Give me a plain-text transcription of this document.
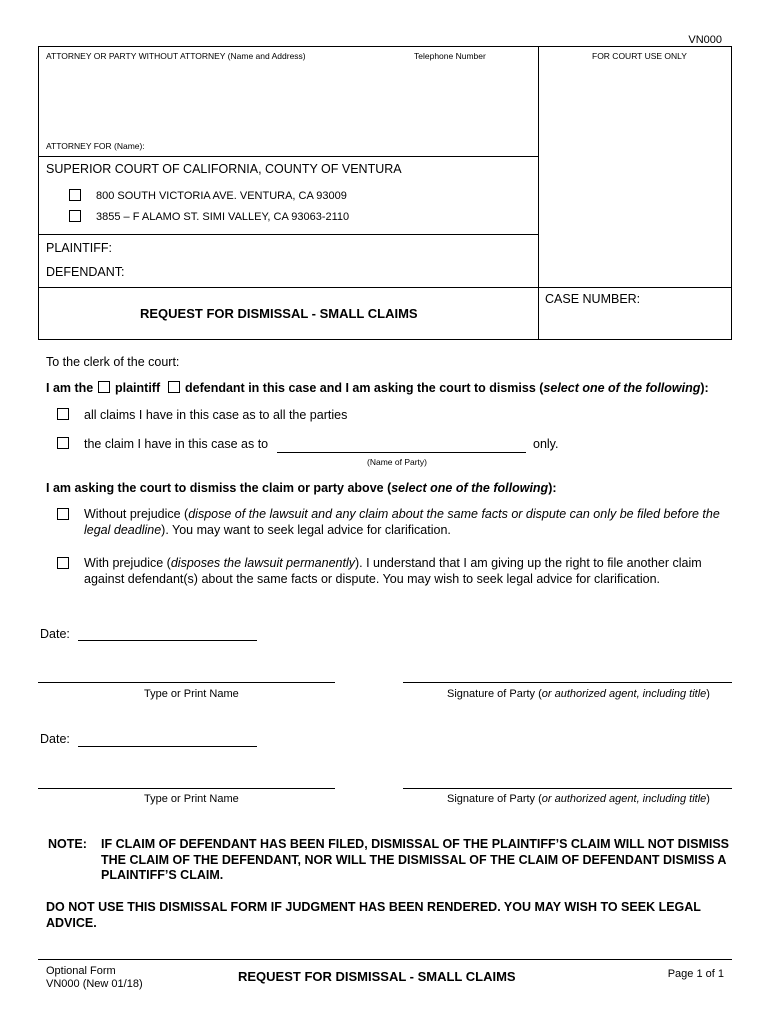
VN000
ATTORNEY OR PARTY WITHOUT ATTORNEY (Name and Address)	Telephone Number	FOR COURT USE ONLY
ATTORNEY FOR (Name):
SUPERIOR COURT OF CALIFORNIA, COUNTY OF VENTURA
800 SOUTH VICTORIA AVE. VENTURA, CA 93009
3855 – F ALAMO ST. SIMI VALLEY, CA 93063-2110
PLAINTIFF:
DEFENDANT:
CASE NUMBER:
REQUEST FOR DISMISSAL - SMALL CLAIMS
To the clerk of the court:
I am the plaintiff defendant in this case and I am asking the court to dismiss (select one of the following):
all claims I have in this case as to all the parties
the claim I have in this case as to	only.
(Name of Party)
I am asking the court to dismiss the claim or party above (select one of the following):
Without prejudice (dispose of the lawsuit and any claim about the same facts or dispute can only be filed before the legal deadline). You may want to seek legal advice for clarification.
With prejudice (disposes the lawsuit permanently). I understand that I am giving up the right to file another claim against defendant(s) about the same facts or dispute. You may wish to seek legal advice for clarification.
Date:
Type or Print Name	Signature of Party (or authorized agent, including title)
Date:
Type or Print Name	Signature of Party (or authorized agent, including title)
NOTE: IF CLAIM OF DEFENDANT HAS BEEN FILED, DISMISSAL OF THE PLAINTIFF’S CLAIM WILL NOT DISMISS THE CLAIM OF THE DEFENDANT, NOR WILL THE DISMISSAL OF THE CLAIM OF DEFENDANT DISMISS A PLAINTIFF’S CLAIM.
DO NOT USE THIS DISMISSAL FORM IF JUDGMENT HAS BEEN RENDERED. YOU MAY WISH TO SEEK LEGAL ADVICE.
Optional Form
VN000 (New 01/18)	REQUEST FOR DISMISSAL - SMALL CLAIMS	Page 1 of 1
